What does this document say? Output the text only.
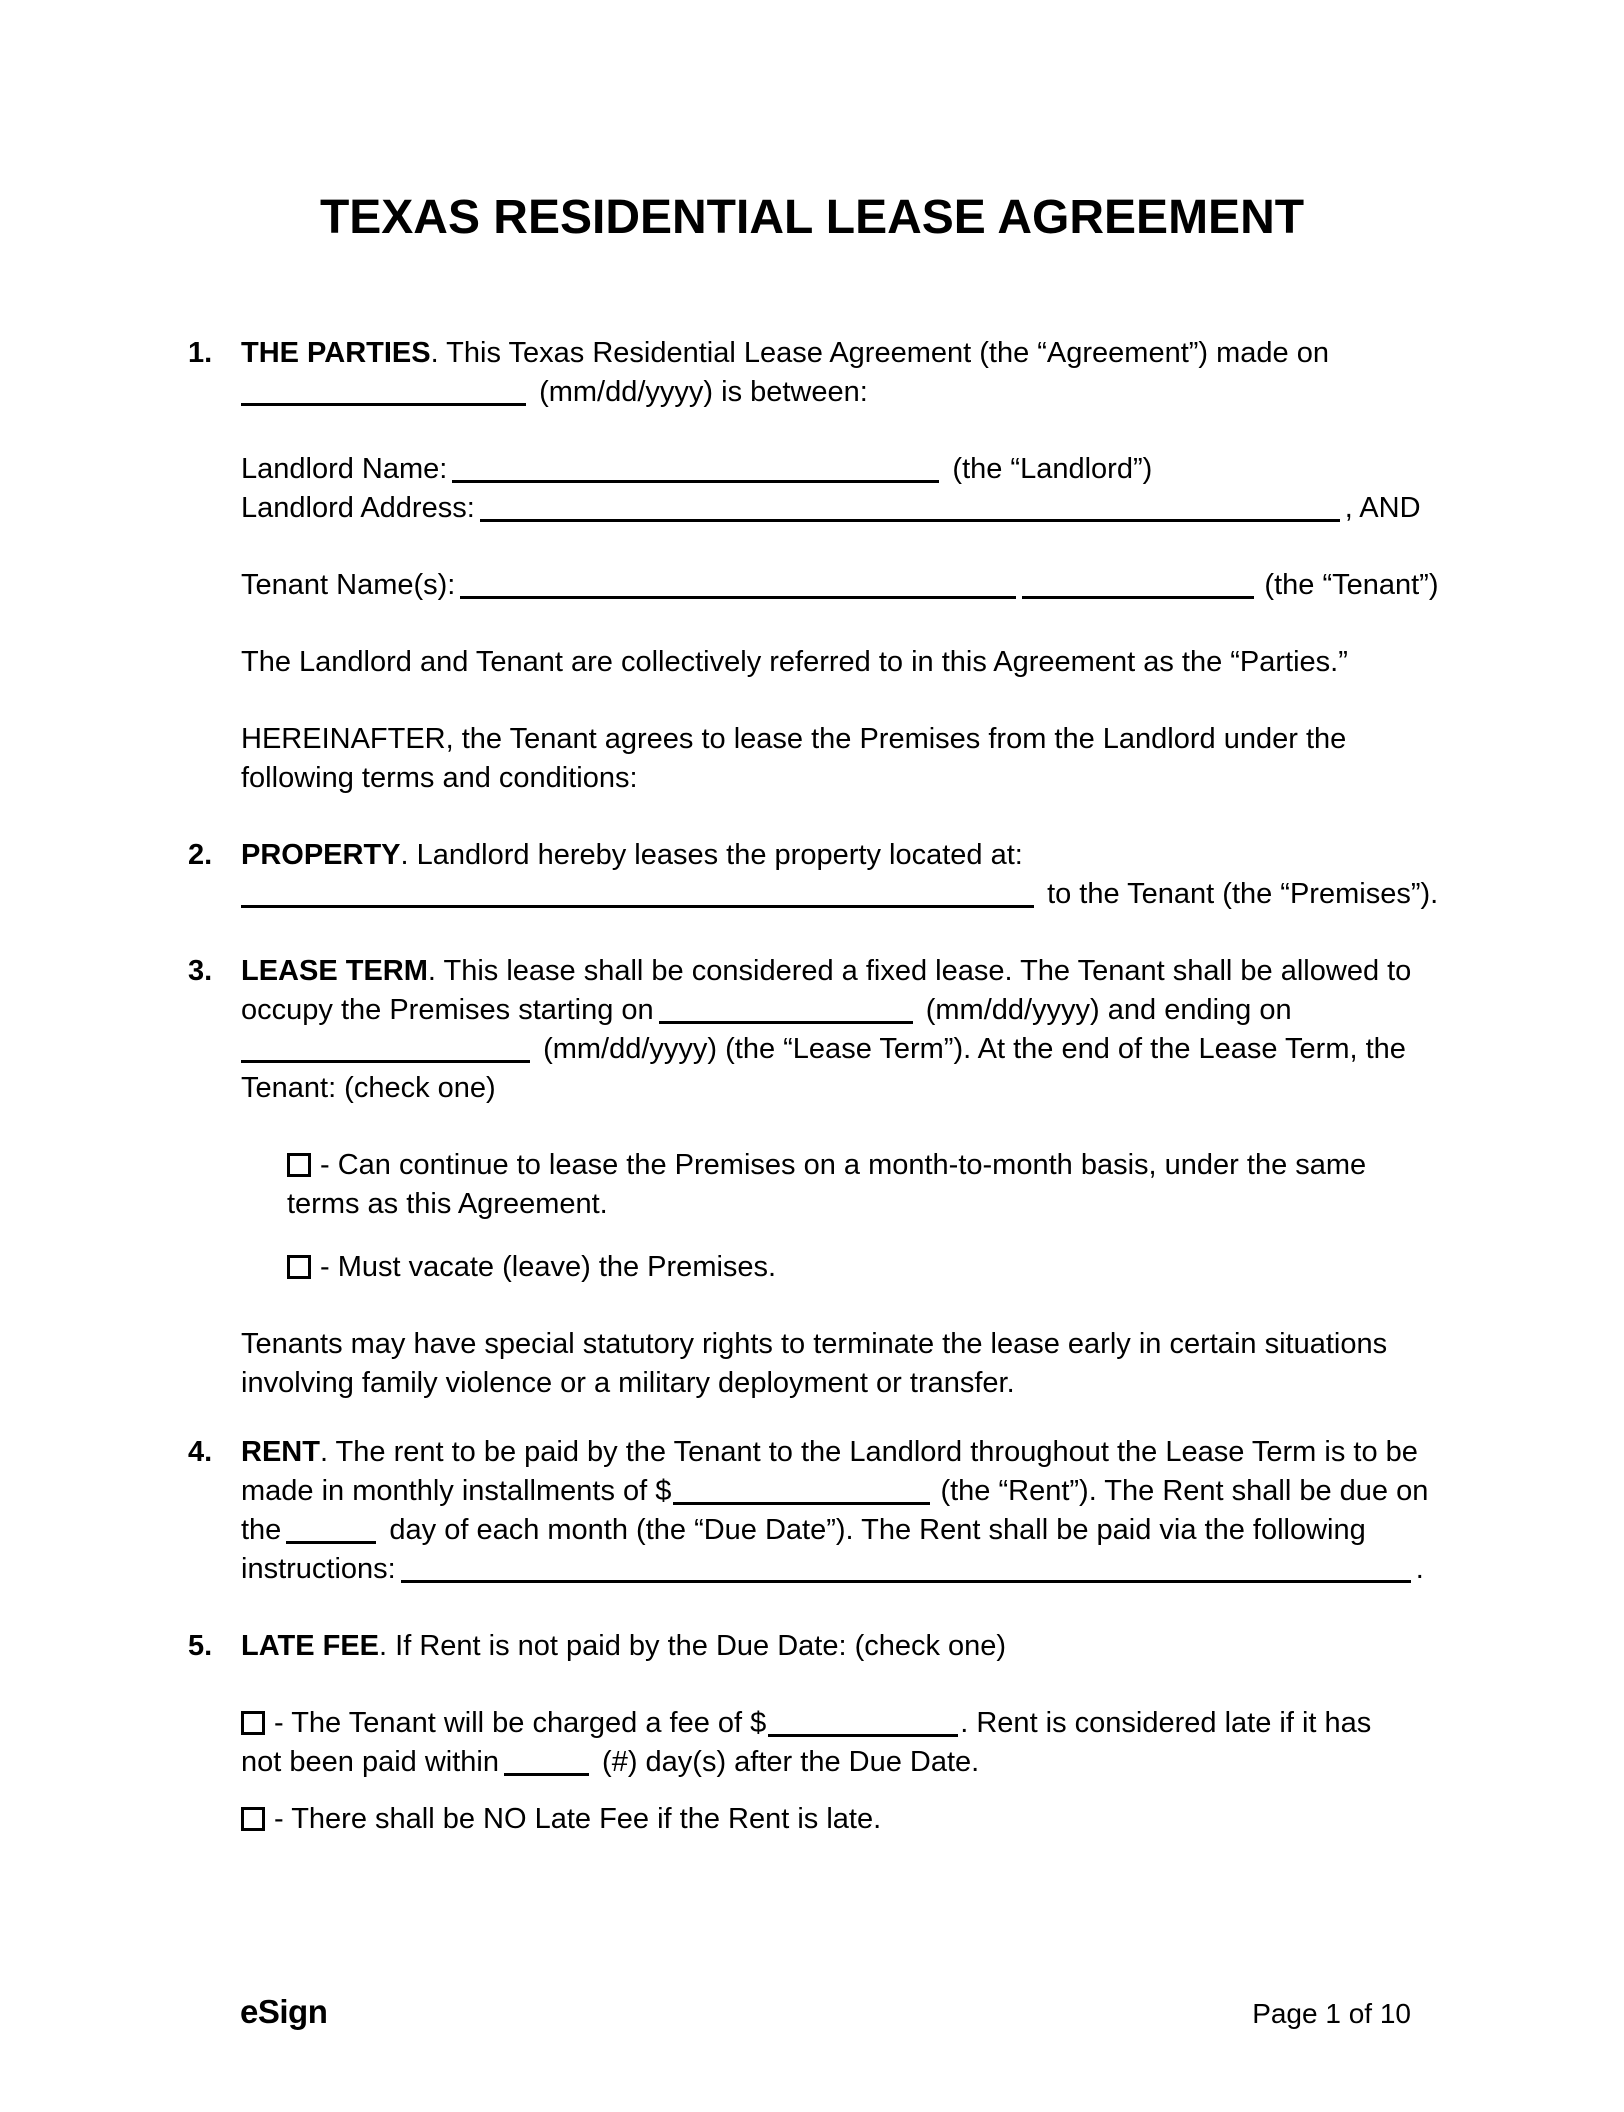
TEXAS RESIDENTIAL LEASE AGREEMENT
1. THE PARTIES. This Texas Residential Lease Agreement (the “Agreement”) made on
(mm/dd/yyyy) is between:
Landlord Name:	(the “Landlord”)
Landlord Address:	, AND
Tenant Name(s):	(the “Tenant”)
The Landlord and Tenant are collectively referred to in this Agreement as the “Parties.”
HEREINAFTER, the Tenant agrees to lease the Premises from the Landlord under the
following terms and conditions:
2. PROPERTY. Landlord hereby leases the property located at:
to the Tenant (the “Premises”).
3. LEASE TERM. This lease shall be considered a fixed lease. The Tenant shall be allowed to
occupy the Premises starting on	(mm/dd/yyyy) and ending on
(mm/dd/yyyy) (the “Lease Term”). At the end of the Lease Term, the
Tenant: (check one)
- Can continue to lease the Premises on a month-to-month basis, under the same
terms as this Agreement.
- Must vacate (leave) the Premises.
Tenants may have special statutory rights to terminate the lease early in certain situations
involving family violence or a military deployment or transfer.
4. RENT. The rent to be paid by the Tenant to the Landlord throughout the Lease Term is to be
made in monthly installments of $	(the “Rent”). The Rent shall be due on
the	day of each month (the “Due Date”). The Rent shall be paid via the following
instructions:	.
5. LATE FEE. If Rent is not paid by the Due Date: (check one)
- The Tenant will be charged a fee of $	. Rent is considered late if it has
not been paid within	(#) day(s) after the Due Date.
- There shall be NO Late Fee if the Rent is late.
eSign	Page 1 of 10
